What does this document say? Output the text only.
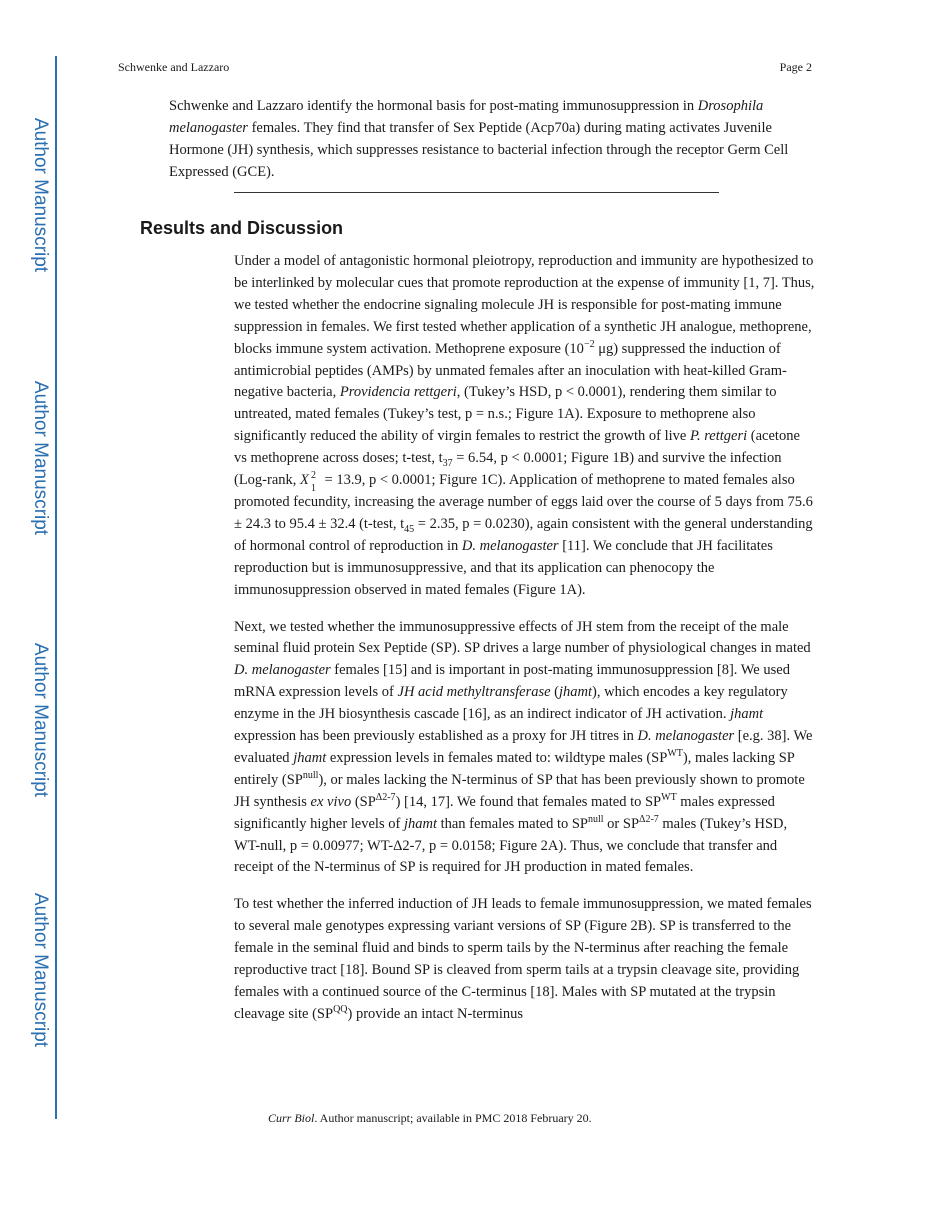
Author Manuscript
Author Manuscript
Author Manuscript
Author Manuscript
Schwenke and Lazzaro	Page 2
Schwenke and Lazzaro identify the hormonal basis for post-mating immunosuppression in Drosophila melanogaster females. They find that transfer of Sex Peptide (Acp70a) during mating activates Juvenile Hormone (JH) synthesis, which suppresses resistance to bacterial infection through the receptor Germ Cell Expressed (GCE).
Results and Discussion

Under a model of antagonistic hormonal pleiotropy, reproduction and immunity are hypothesized to be interlinked by molecular cues that promote reproduction at the expense of immunity [1, 7]. Thus, we tested whether the endocrine signaling molecule JH is responsible for post-mating immune suppression in females. We first tested whether application of a synthetic JH analogue, methoprene, blocks immune system activation. Methoprene exposure ($10^{-2}$ μg) suppressed the induction of antimicrobial peptides (AMPs) by unmated females after an inoculation with heat-killed Gram-negative bacteria, Providencia rettgeri, (Tukey’s HSD, p < 0.0001), rendering them similar to untreated, mated females (Tukey’s test, p = n.s.; Figure 1A). Exposure to methoprene also significantly reduced the ability of virgin females to restrict the growth of live P. rettgeri (acetone vs methoprene across doses; t-test, $t_{37} = 6.54$, p < 0.0001; Figure 1B) and survive the infection (Log-rank, X 2
1
= 13.9, p < 0.0001; Figure 1C). Application of methoprene to mated females also promoted fecundity, increasing the average number of eggs laid over the course of 5 days from 75.6 ± 24.3 to 95.4 ± 32.4 (t-test, $t_{45} = 2.35$, p = 0.0230), again consistent with the general understanding of hormonal control of reproduction in D. melanogaster [11]. We conclude that JH facilitates reproduction but is immunosuppressive, and that its application can phenocopy the immunosuppression observed in mated females (Figure 1A).

Next, we tested whether the immunosuppressive effects of JH stem from the receipt of the male seminal fluid protein Sex Peptide (SP). SP drives a large number of physiological changes in mated D. melanogaster females [15] and is important in post-mating immunosuppression [8]. We used mRNA expression levels of JH acid methyltransferase (jhamt), which encodes a key regulatory enzyme in the JH biosynthesis cascade [16], as an indirect indicator of JH activation. jhamt expression has been previously established as a proxy for JH titres in D. melanogaster [e.g. 38]. We evaluated jhamt expression levels in females mated to: wildtype males $(SP^{WT})$, males lacking SP entirely $(SP^{null})$, or males lacking the N-terminus of SP that has been previously shown to promote JH synthesis ex vivo $(SP^{\Delta 2-7})$ [14, 17]. We found that females mated to $SP^{WT}$ males expressed significantly higher levels of jhamt than females mated to $SP^{null}$ or $SP^{\Delta 2-7}$ males (Tukey’s HSD, WT-null, p = 0.00977; WT-Δ2-7, p = 0.0158; Figure 2A). Thus, we conclude that transfer and receipt of the N-terminus of SP is required for JH production in mated females.

To test whether the inferred induction of JH leads to female immunosuppression, we mated females to several male genotypes expressing variant versions of SP (Figure 2B). SP is transferred to the female in the seminal fluid and binds to sperm tails by the N-terminus after reaching the female reproductive tract [18]. Bound SP is cleaved from sperm tails at a trypsin cleavage site, providing females with a continued source of the C-terminus [18]. Males with SP mutated at the trypsin cleavage site $(SP^{QQ})$ provide an intact N-terminus

Curr Biol. Author manuscript; available in PMC 2018 February 20.
